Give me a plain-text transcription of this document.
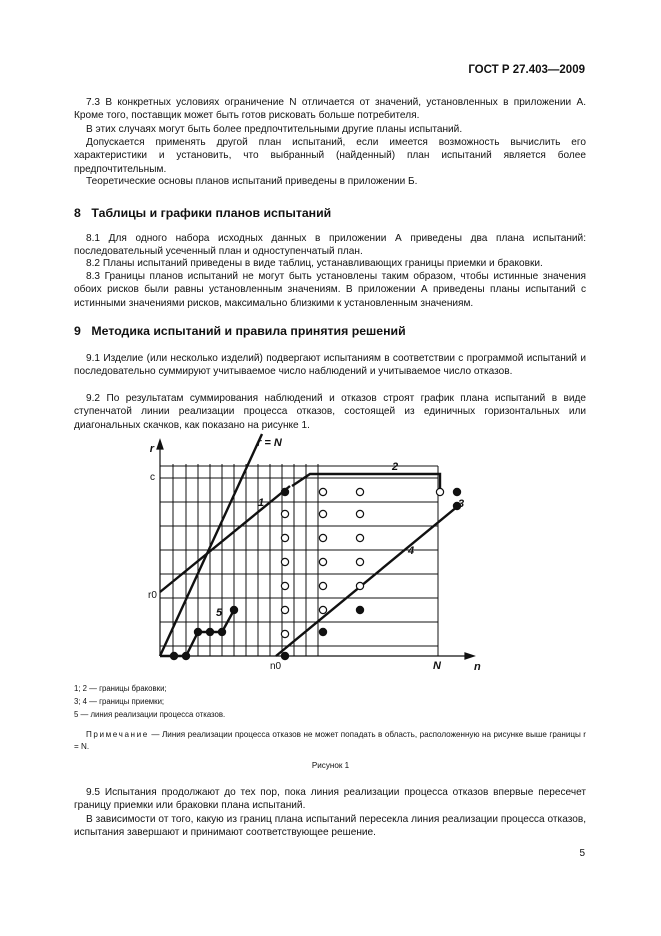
ГОСТ Р 27.403—2009

7.3 В конкретных условиях ограничение N отличается от значений, установленных в приложении А. Кроме того, поставщик может быть готов рисковать больше потребителя.

В этих случаях могут быть более предпочтительными другие планы испытаний.

Допускается применять другой план испытаний, если имеется возможность вычислить его характеристики и установить, что выбранный (найденный) план испытаний является более предпочтительным.

Теоретические основы планов испытаний приведены в приложении Б.

8 Таблицы и графики планов испытаний

8.1 Для одного набора исходных данных в приложении А приведены два плана испытаний: последовательный усеченный план и одноступенчатый план.

8.2 Планы испытаний приведены в виде таблиц, устанавливающих границы приемки и браковки.

8.3 Границы планов испытаний не могут быть установлены таким образом, чтобы истинные значения обоих рисков были равны установленным значениям. В приложении А приведены планы испытаний с истинными значениями рисков, максимально близкими к установленным значениям.

9 Методика испытаний и правила принятия решений

9.1 Изделие (или несколько изделий) подвергают испытаниям в соответствии с программой испытаний и последовательно суммируют учитываемое число наблюдений и учитываемое число отказов.

9.2 По результатам суммирования наблюдений и отказов строят график плана испытаний в виде ступенчатой линии реализации процесса отказов, состоящей из единичных горизонтальных или диагональных скачков, как показано на рисунке 1.

r = N
r
n
c
r0
n0	N
1
2
3
4
5
1; 2 — границы браковки;
3; 4 — границы приемки;
5 — линия реализации процесса отказов.
Примечание — Линия реализации процесса отказов не может попадать в область, расположенную на рисунке выше границы r = N.
Рисунок 1

9.5 Испытания продолжают до тех пор, пока линия реализации процесса отказов впервые пересечет границу приемки или браковки плана испытаний.

В зависимости от того, какую из границ плана испытаний пересекла линия реализации процесса отказов, испытания завершают и принимают соответствующее решение.

5
